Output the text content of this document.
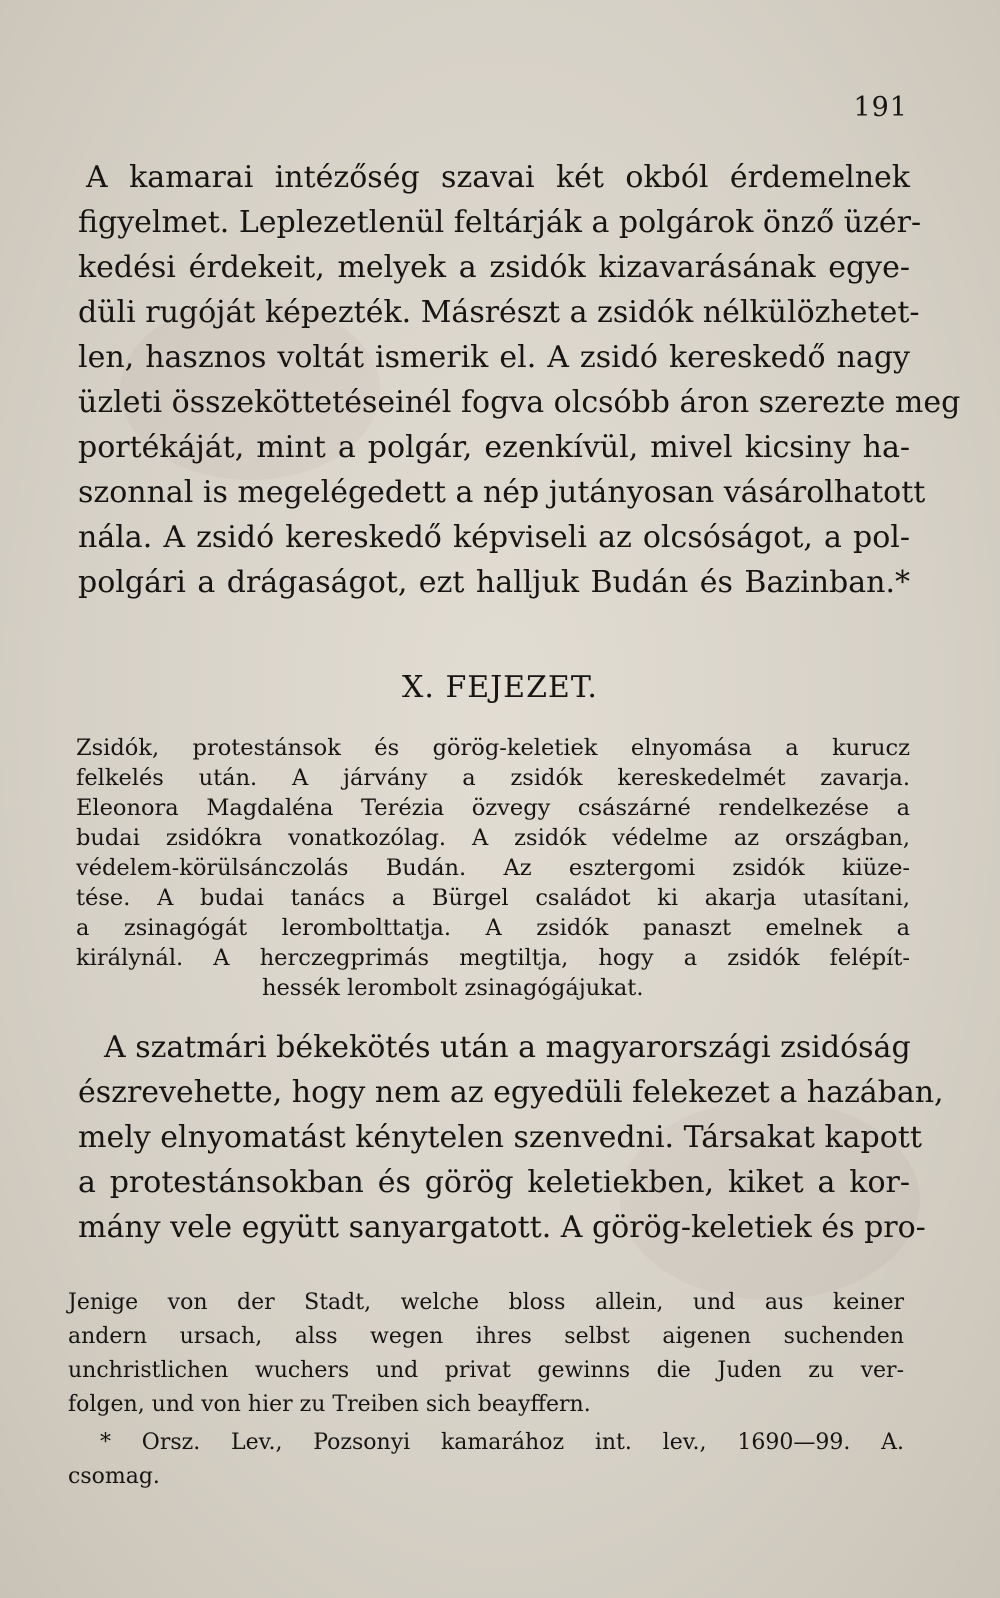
191
A kamarai intézőség szavai két okból érdemelnek
figyelmet. Leplezetlenül feltárják a polgárok önző üzér-
kedési érdekeit, melyek a zsidók kizavarásának egye-
düli rugóját képezték. Másrészt a zsidók nélkülözhetet-
len, hasznos voltát ismerik el. A zsidó kereskedő nagy
üzleti összeköttetéseinél fogva olcsóbb áron szerezte meg
portékáját, mint a polgár, ezenkívül, mivel kicsiny ha-
szonnal is megelégedett a nép jutányosan vásárolhatott
nála. A zsidó kereskedő képviseli az olcsóságot, a pol-
polgári a drágaságot, ezt halljuk Budán és Bazinban.*
X. FEJEZET.
Zsidók, protestánsok és görög-keletiek elnyomása a kurucz
felkelés után. A járvány a zsidók kereskedelmét zavarja.
Eleonora Magdaléna Terézia özvegy császárné rendelkezése a
budai zsidókra vonatkozólag. A zsidók védelme az országban,
védelem-körülsánczolás Budán. Az esztergomi zsidók kiüze-
tése. A budai tanács a Bürgel családot ki akarja utasítani,
a zsinagógát lerombolttatja. A zsidók panaszt emelnek a
királynál. A herczegprimás megtiltja, hogy a zsidók felépít-
hessék lerombolt zsinagógájukat.
A szatmári békekötés után a magyarországi zsidóság
észrevehette, hogy nem az egyedüli felekezet a hazában,
mely elnyomatást kénytelen szenvedni. Társakat kapott
a protestánsokban és görög keletiekben, kiket a kor-
mány vele együtt sanyargatott. A görög-keletiek és pro-
Jenige von der Stadt, welche bloss allein, und aus keiner
andern ursach, alss wegen ihres selbst aigenen suchenden
unchristlichen wuchers und privat gewinns die Juden zu ver-
folgen, und von hier zu Treiben sich beayffern.
* Orsz. Lev., Pozsonyi kamarához int. lev., 1690—99. A.
csomag.
